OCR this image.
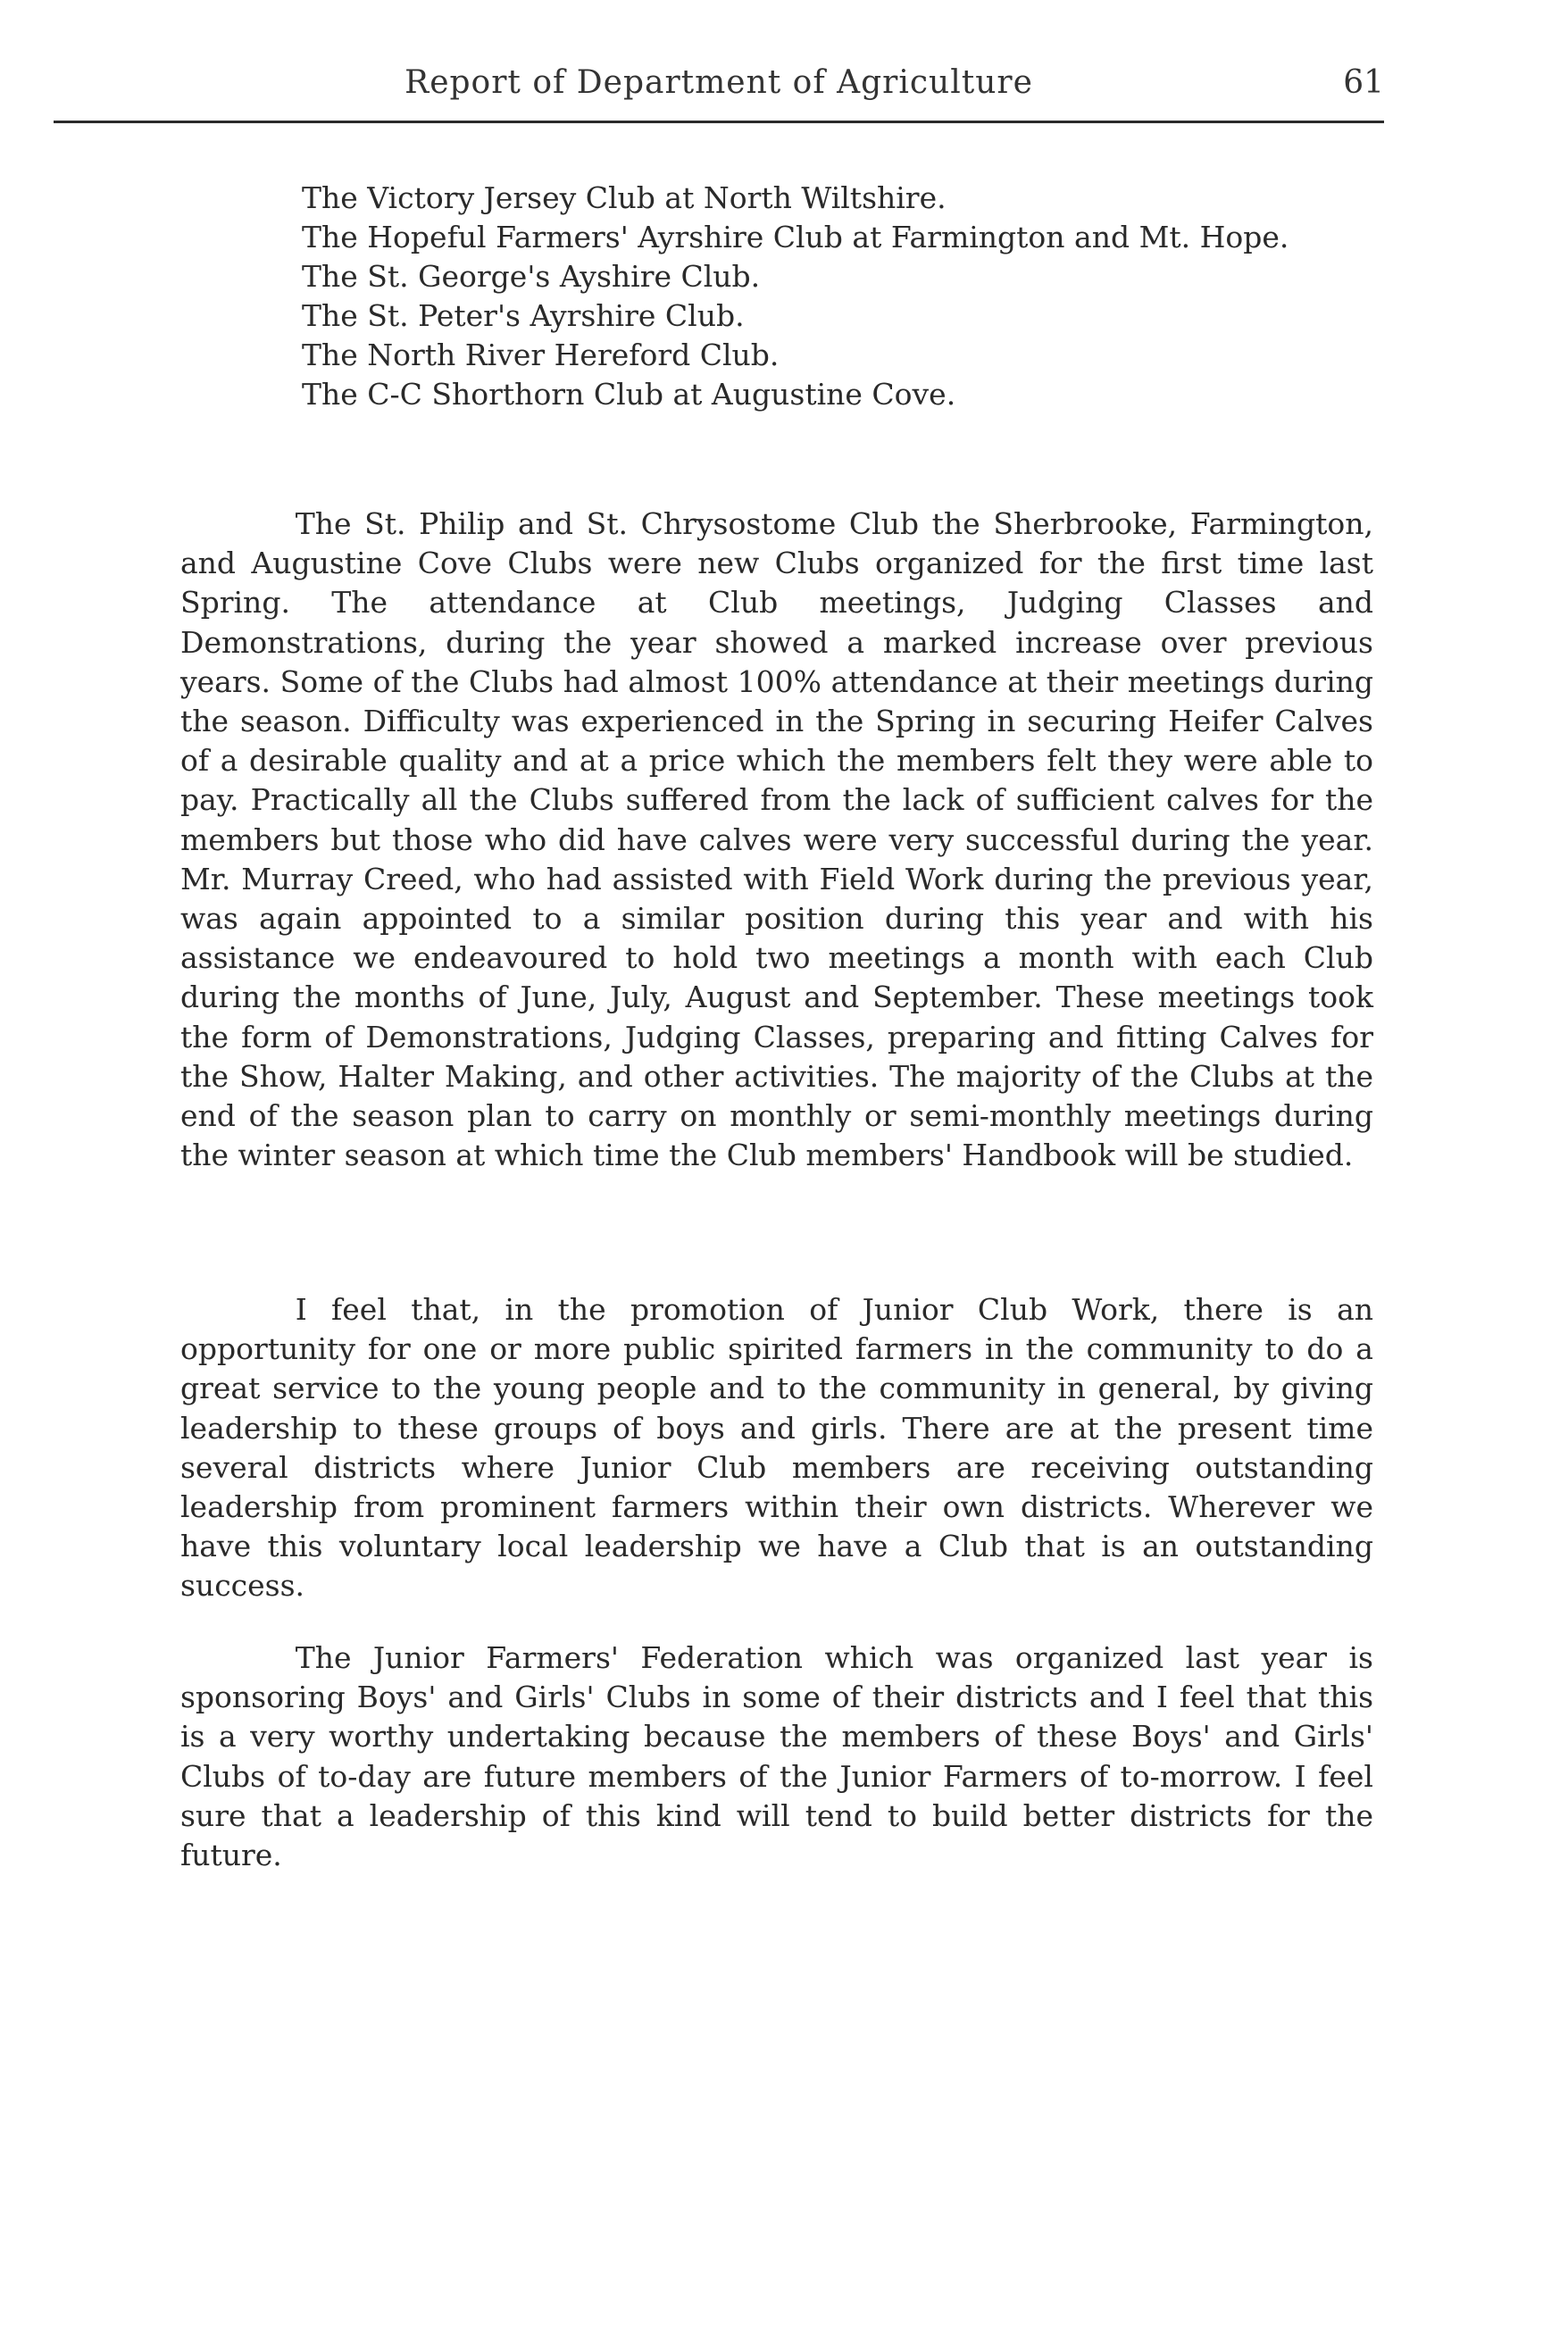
Report of Department of Agriculture	61
The Victory Jersey Club at North Wiltshire.
The Hopeful Farmers' Ayrshire Club at Farmington and Mt. Hope.
The St. George's Ayshire Club.
The St. Peter's Ayrshire Club.
The North River Hereford Club.
The C-C Shorthorn Club at Augustine Cove.

The St. Philip and St. Chrysostome Club the Sherbrooke, Farmington, and Augustine Cove Clubs were new Clubs organized for the first time last Spring. The attendance at Club meetings, Judging Classes and Demonstrations, during the year showed a marked increase over previous years. Some of the Clubs had almost 100% attendance at their meetings during the season. Difficulty was experienced in the Spring in securing Heifer Calves of a desirable quality and at a price which the members felt they were able to pay. Practically all the Clubs suffered from the lack of sufficient calves for the members but those who did have calves were very successful during the year. Mr. Murray Creed, who had assisted with Field Work during the previous year, was again appointed to a similar position during this year and with his assistance we endeavoured to hold two meetings a month with each Club during the months of June, July, August and September. These meetings took the form of Demonstrations, Judging Classes, preparing and fitting Calves for the Show, Halter Making, and other activities. The majority of the Clubs at the end of the season plan to carry on monthly or semi-monthly meetings during the winter season at which time the Club members' Handbook will be studied.

I feel that, in the promotion of Junior Club Work, there is an opportunity for one or more public spirited farmers in the community to do a great service to the young people and to the community in general, by giving leadership to these groups of boys and girls. There are at the present time several districts where Junior Club members are receiving outstanding leadership from prominent farmers within their own districts. Wherever we have this voluntary local leadership we have a Club that is an outstanding success.

The Junior Farmers' Federation which was organized last year is sponsoring Boys' and Girls' Clubs in some of their districts and I feel that this is a very worthy undertaking because the members of these Boys' and Girls' Clubs of to-day are future members of the Junior Farmers of to-morrow. I feel sure that a leadership of this kind will tend to build better districts for the future.
